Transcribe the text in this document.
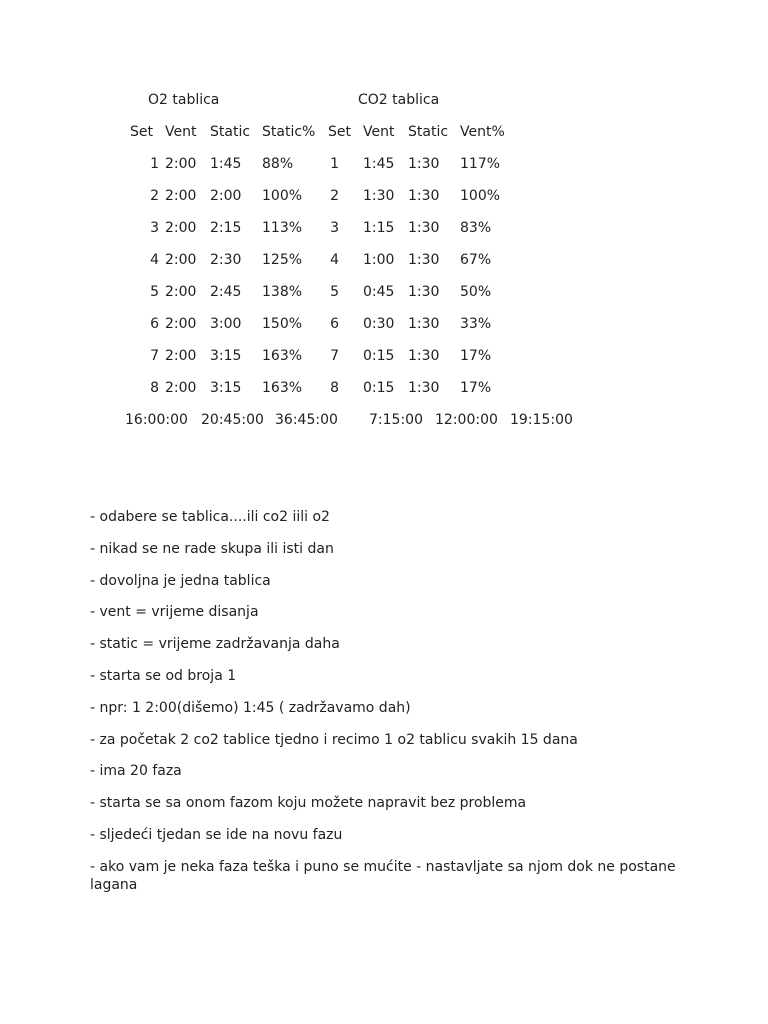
O2 tablica	CO2 tablica
Set Vent Static Static%
1 2:00 1:45 88%
2 2:00 2:00 100%
3 2:00 2:15 113%
4 2:00 2:30 125%
5 2:00 2:45 138%
6 2:00 3:00 150%
7 2:00 3:15 163%
8 2:00 3:15 163%
Set Vent Static Vent%
1 1:45 1:30 117%
2 1:30 1:30 100%
3 1:15 1:30 83%
4 1:00 1:30 67%
5 0:45 1:30 50%
6 0:30 1:30 33%
7 0:15 1:30 17%
8 0:15 1:30 17%
16:00:00 20:45:00 36:45:00 7:15:00 12:00:00 19:15:00

- odabere se tablica....ili co2 iili o2

- nikad se ne rade skupa ili isti dan

- dovoljna je jedna tablica

- vent = vrijeme disanja

- static = vrijeme zadržavanja daha

- starta se od broja 1

- npr: 1 2:00(dišemo) 1:45 ( zadržavamo dah)

- za početak 2 co2 tablice tjedno i recimo 1 o2 tablicu svakih 15 dana

- ima 20 faza

- starta se sa onom fazom koju možete napravit bez problema

- sljedeći tjedan se ide na novu fazu

- ako vam je neka faza teška i puno se mućite - nastavljate sa njom dok ne postane lagana
